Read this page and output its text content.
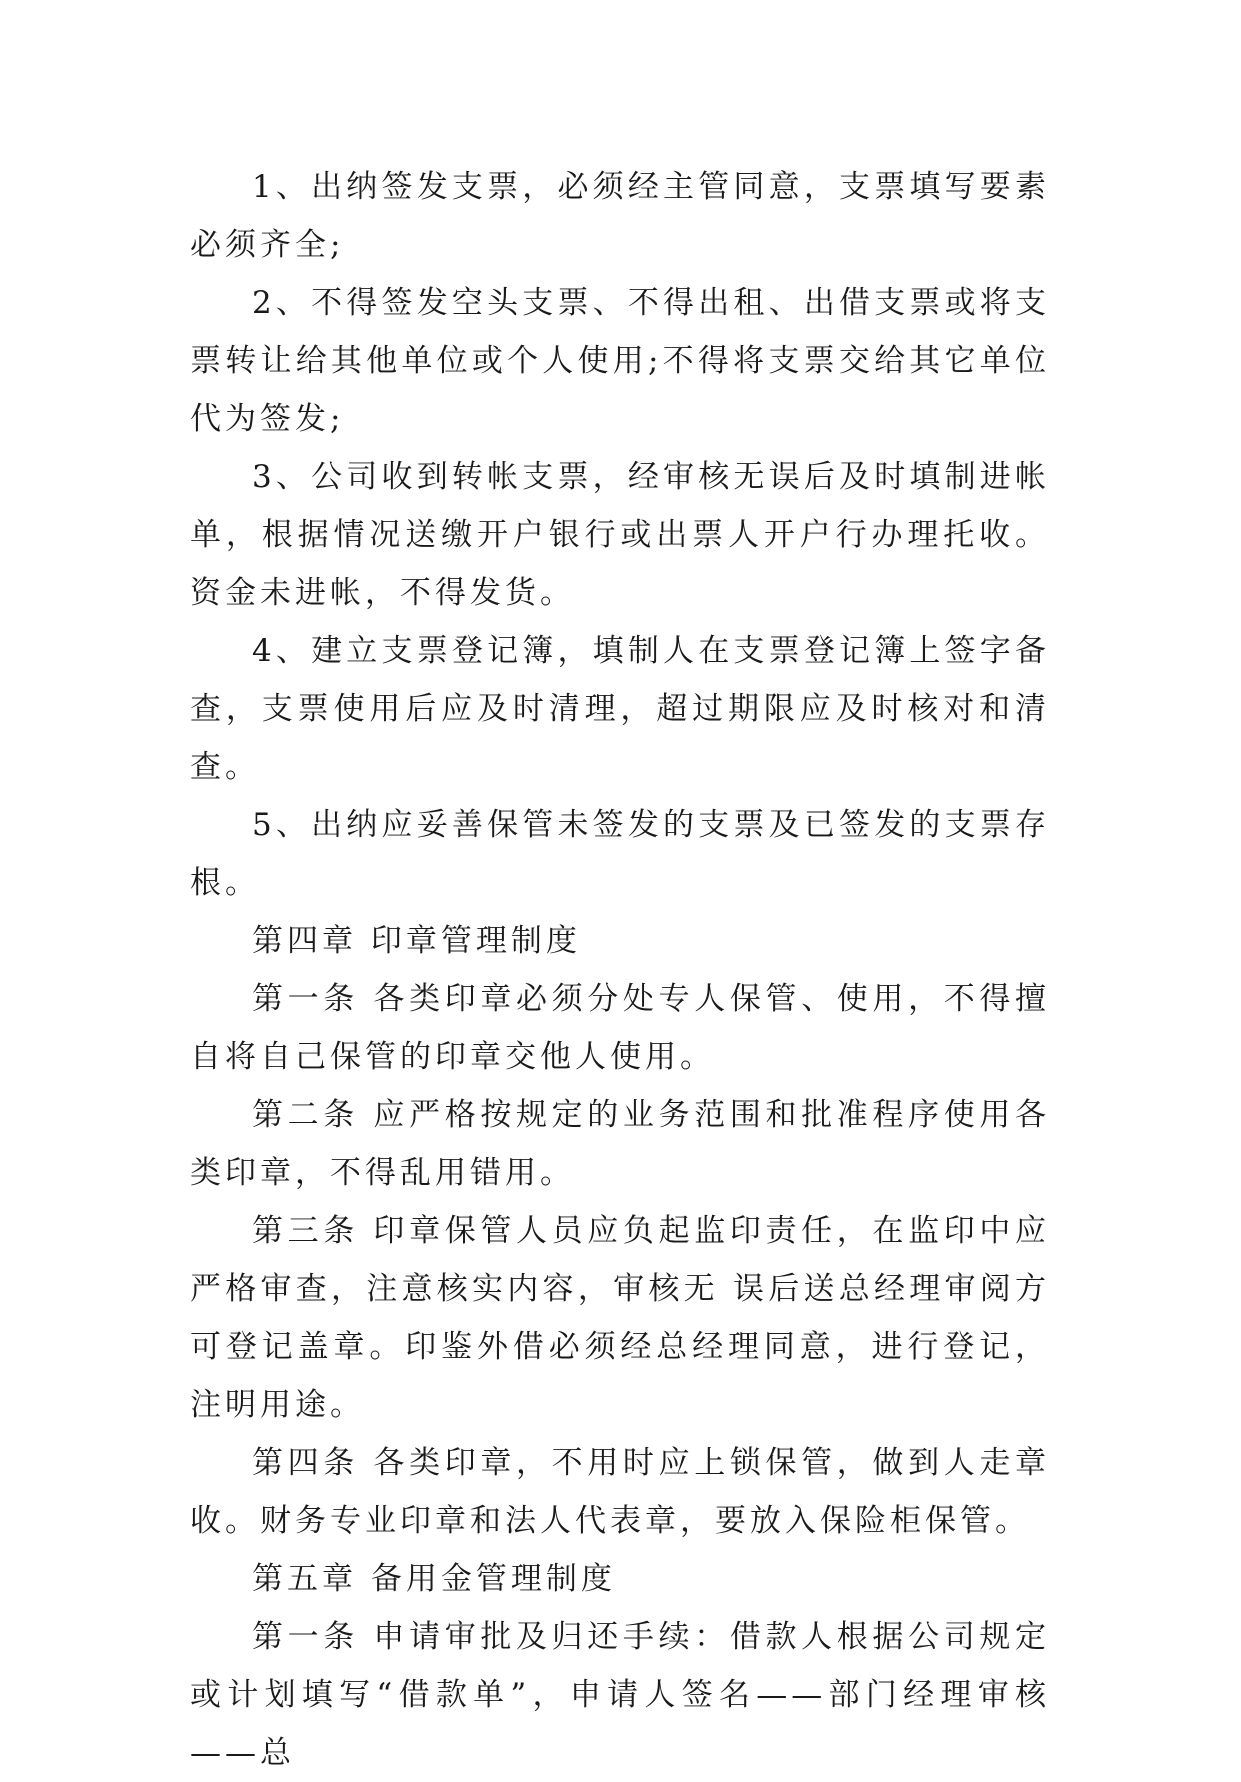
1、出纳签发支票，必须经主管同意，支票填写要素必须齐全;

2、不得签发空头支票、不得出租、出借支票或将支票转让给其他单位或个人使用;不得将支票交给其它单位代为签发;

3、公司收到转帐支票，经审核无误后及时填制进帐单，根据情况送缴开户银行或出票人开户行办理托收。资金未进帐，不得发货。

4、建立支票登记簿，填制人在支票登记簿上签字备查，支票使用后应及时清理，超过期限应及时核对和清查。

5、出纳应妥善保管未签发的支票及已签发的支票存根。

第四章 印章管理制度

第一条 各类印章必须分处专人保管、使用，不得擅自将自己保管的印章交他人使用。

第二条 应严格按规定的业务范围和批准程序使用各类印章，不得乱用错用。

第三条 印章保管人员应负起监印责任，在监印中应严格审查，注意核实内容，审核无 误后送总经理审阅方可登记盖章。印鉴外借必须经总经理同意，进行登记，注明用途。

第四条 各类印章，不用时应上锁保管，做到人走章收。财务专业印章和法人代表章，要放入保险柜保管。

第五章 备用金管理制度

第一条 申请审批及归还手续：借款人根据公司规定或计划填写“借款单”，申请人签名——部门经理审核——总
